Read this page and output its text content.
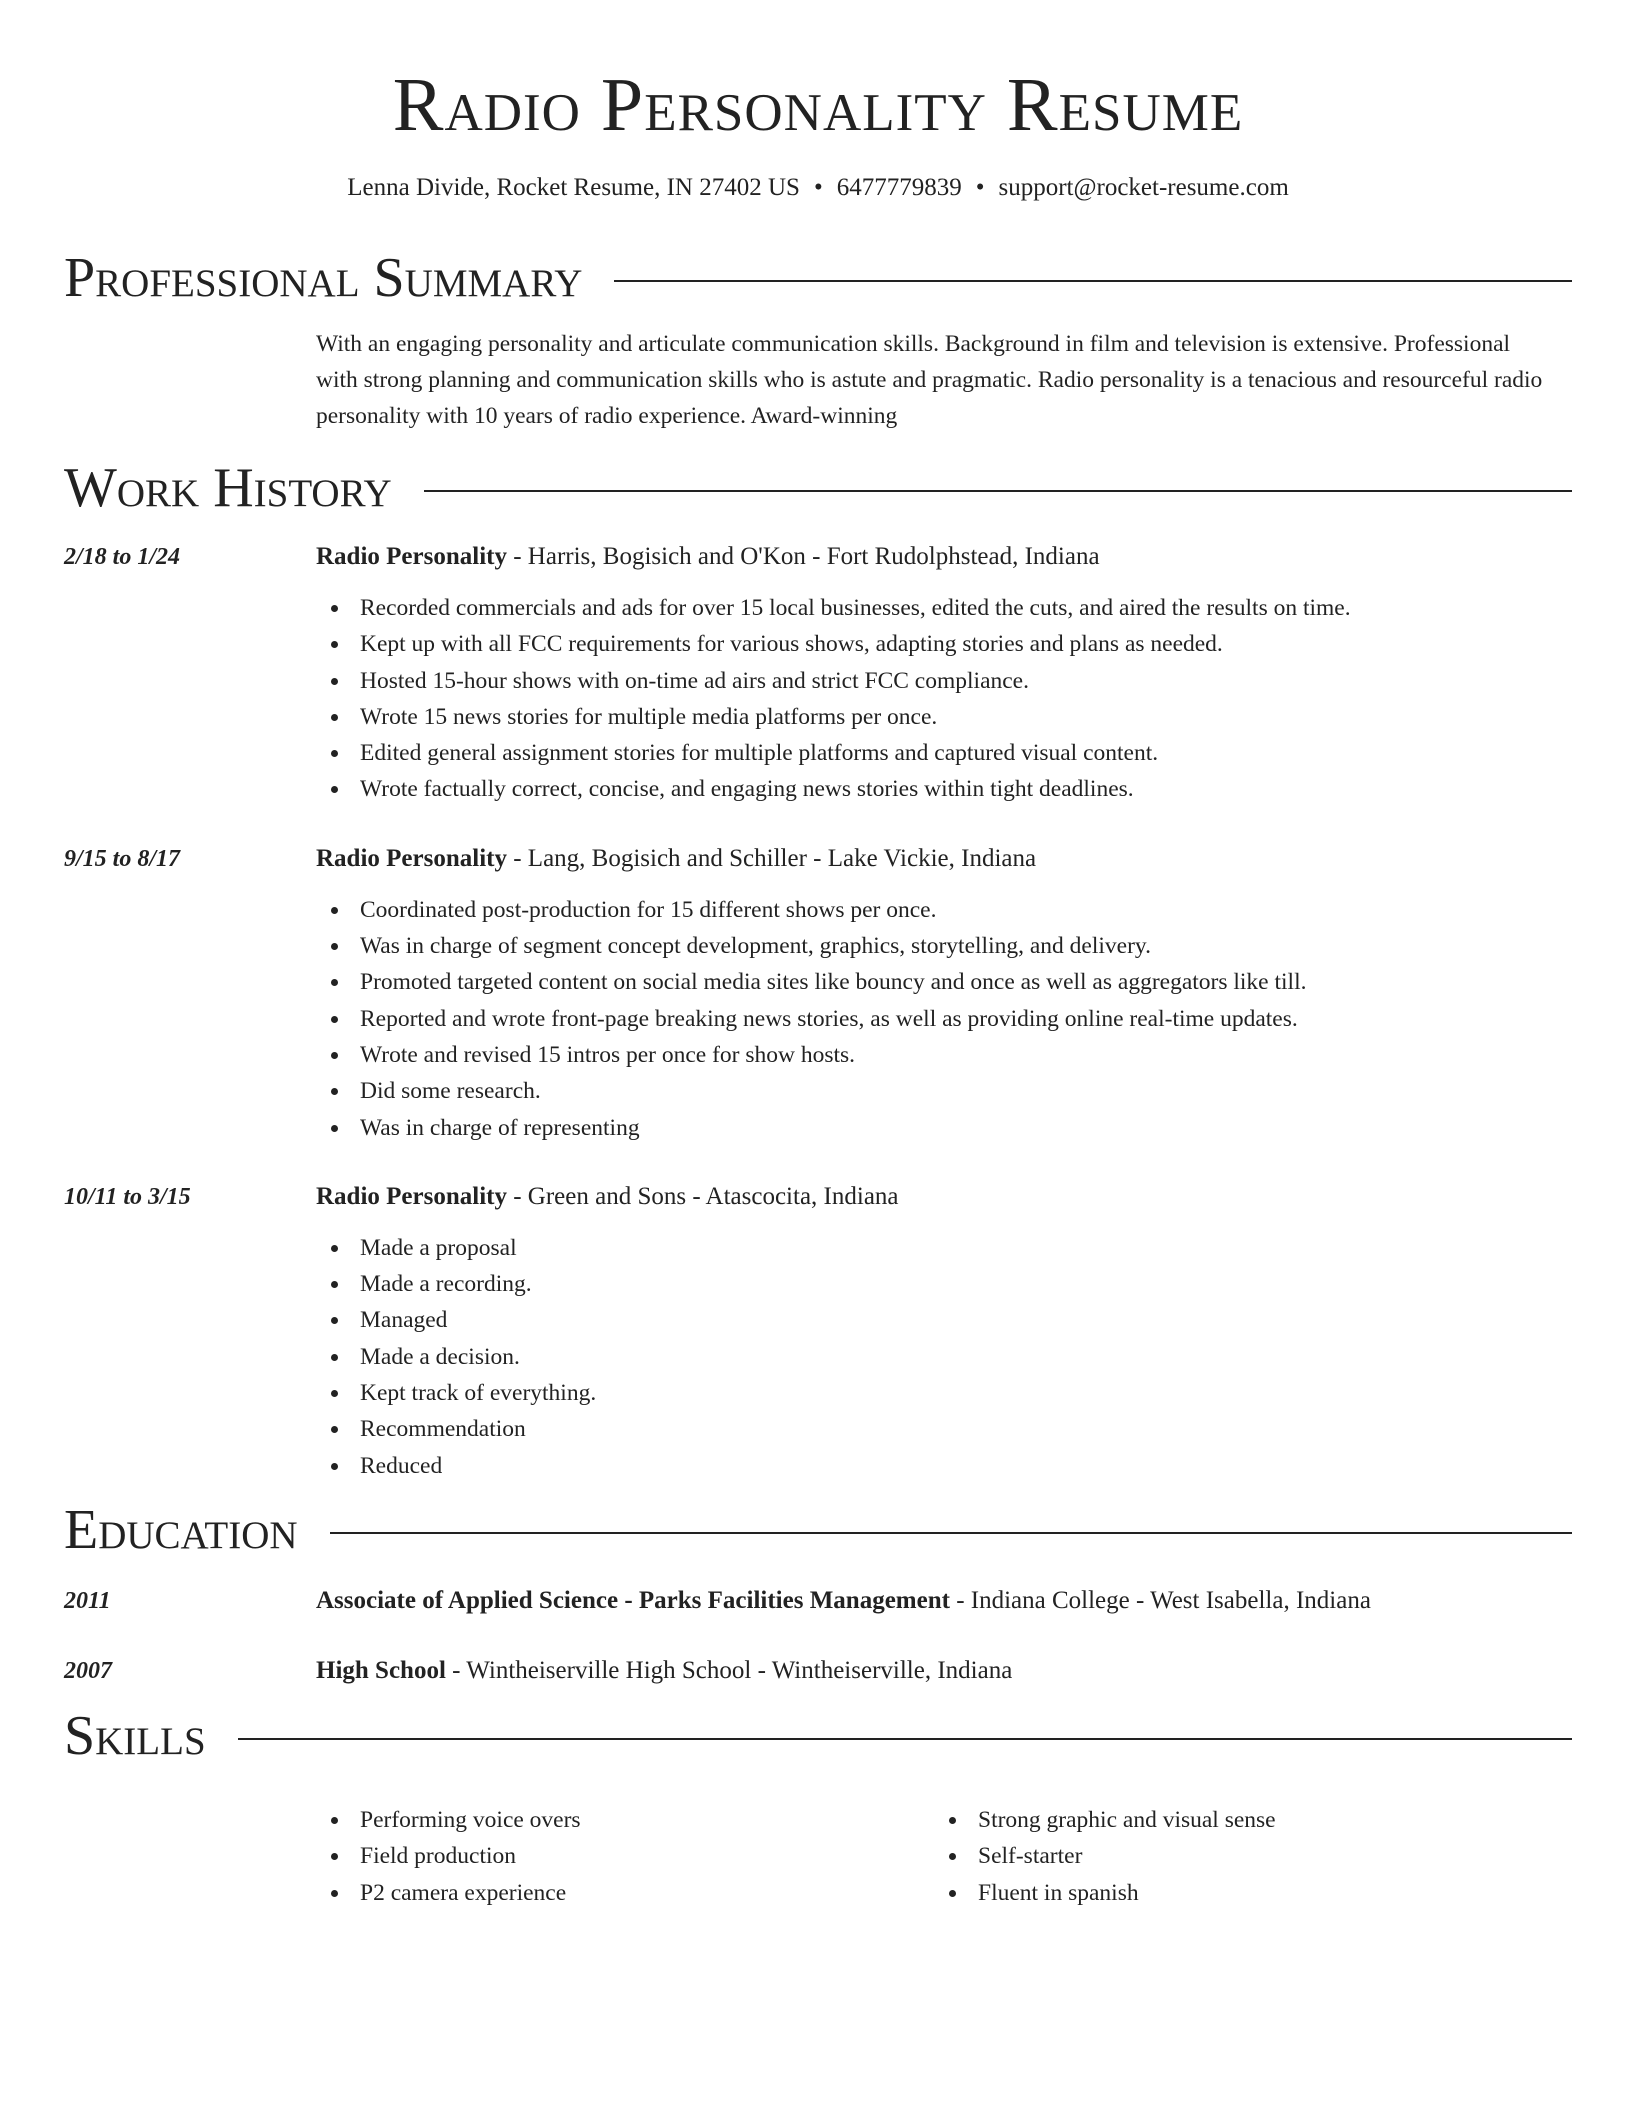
Radio Personality Resume
Lenna Divide, Rocket Resume, IN 27402 US • 6477779839 • support@rocket-resume.com
Professional Summary
With an engaging personality and articulate communication skills. Background in film and television is extensive. Professional with strong planning and communication skills who is astute and pragmatic. Radio personality is a tenacious and resourceful radio personality with 10 years of radio experience. Award-winning
Work History
2/18 to 1/24	Radio Personality - Harris, Bogisich and O'Kon - Fort Rudolphstead, Indiana
Recorded commercials and ads for over 15 local businesses, edited the cuts, and aired the results on time.
Kept up with all FCC requirements for various shows, adapting stories and plans as needed.
Hosted 15-hour shows with on-time ad airs and strict FCC compliance.
Wrote 15 news stories for multiple media platforms per once.
Edited general assignment stories for multiple platforms and captured visual content.
Wrote factually correct, concise, and engaging news stories within tight deadlines.
9/15 to 8/17	Radio Personality - Lang, Bogisich and Schiller - Lake Vickie, Indiana
Coordinated post-production for 15 different shows per once.
Was in charge of segment concept development, graphics, storytelling, and delivery.
Promoted targeted content on social media sites like bouncy and once as well as aggregators like till.
Reported and wrote front-page breaking news stories, as well as providing online real-time updates.
Wrote and revised 15 intros per once for show hosts.
Did some research.
Was in charge of representing
10/11 to 3/15	Radio Personality - Green and Sons - Atascocita, Indiana
Made a proposal
Made a recording.
Managed
Made a decision.
Kept track of everything.
Recommendation
Reduced
Education
2011	Associate of Applied Science - Parks Facilities Management - Indiana College - West Isabella, Indiana
2007	High School - Wintheiserville High School - Wintheiserville, Indiana
Skills
Performing voice overs
Field production
P2 camera experience
Strong graphic and visual sense
Self-starter
Fluent in spanish
